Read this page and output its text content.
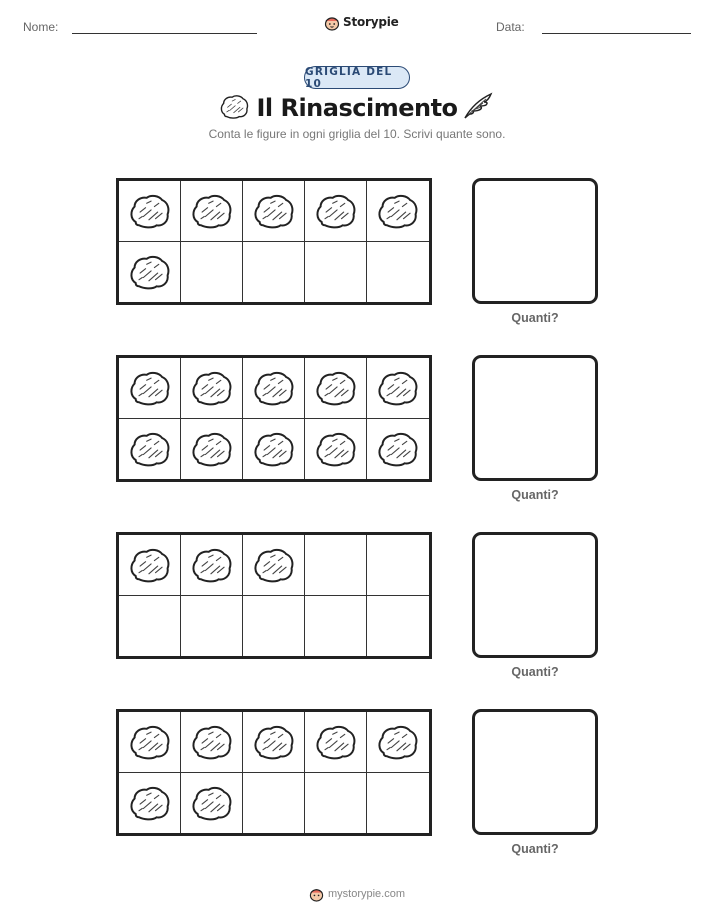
Nome:	Storypie	Data:
GRIGLIA DEL 10
Il Rinascimento
Conta le figure in ogni griglia del 10. Scrivi quante sono.
Quanti?
Quanti?
Quanti?
Quanti?
mystorypie.com
